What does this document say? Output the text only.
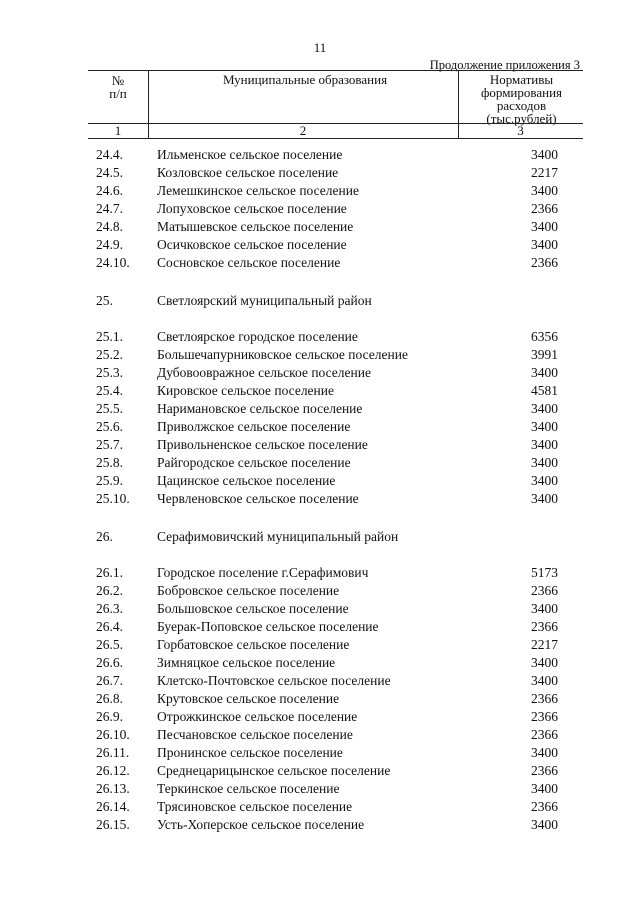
11
Продолжение приложения 3
№
п/п
Муниципальные образования	Нормативы
формирования
расходов
(тыс.рублей)
1	2	3
24.4.	Ильменское сельское поселение	3400
24.5.	Козловское сельское поселение	2217
24.6.	Лемешкинское сельское поселение	3400
24.7.	Лопуховское сельское поселение	2366
24.8.	Матышевское сельское поселение	3400
24.9.	Осичковское сельское поселение	3400
24.10. Сосновское сельское поселение	2366
25.	Светлоярский муниципальный район
25.1.	Светлоярское городское поселение	6356
25.2.	Большечапурниковское сельское поселение	3991
25.3.	Дубовоовражное сельское поселение	3400
25.4.	Кировское сельское поселение	4581
25.5.	Наримановское сельское поселение	3400
25.6.	Приволжское сельское поселение	3400
25.7.	Привольненское сельское поселение	3400
25.8.	Райгородское сельское поселение	3400
25.9.	Цацинское сельское поселение	3400
25.10. Червленовское сельское поселение	3400
26.	Серафимовичский муниципальный район
26.1.	Городское поселение г.Серафимович	5173
26.2.	Бобровское сельское поселение	2366
26.3.	Большовское сельское поселение	3400
26.4.	Буерак-Поповское сельское поселение	2366
26.5.	Горбатовское сельское поселение	2217
26.6.	Зимняцкое сельское поселение	3400
26.7.	Клетско-Почтовское сельское поселение	3400
26.8.	Крутовское сельское поселение	2366
26.9.	Отрожкинское сельское поселение	2366
26.10. Песчановское сельское поселение	2366
26.11. Пронинское сельское поселение	3400
26.12. Среднецарицынское сельское поселение	2366
26.13. Теркинское сельское поселение	3400
26.14. Трясиновское сельское поселение	2366
26.15. Усть-Хоперское сельское поселение	3400
